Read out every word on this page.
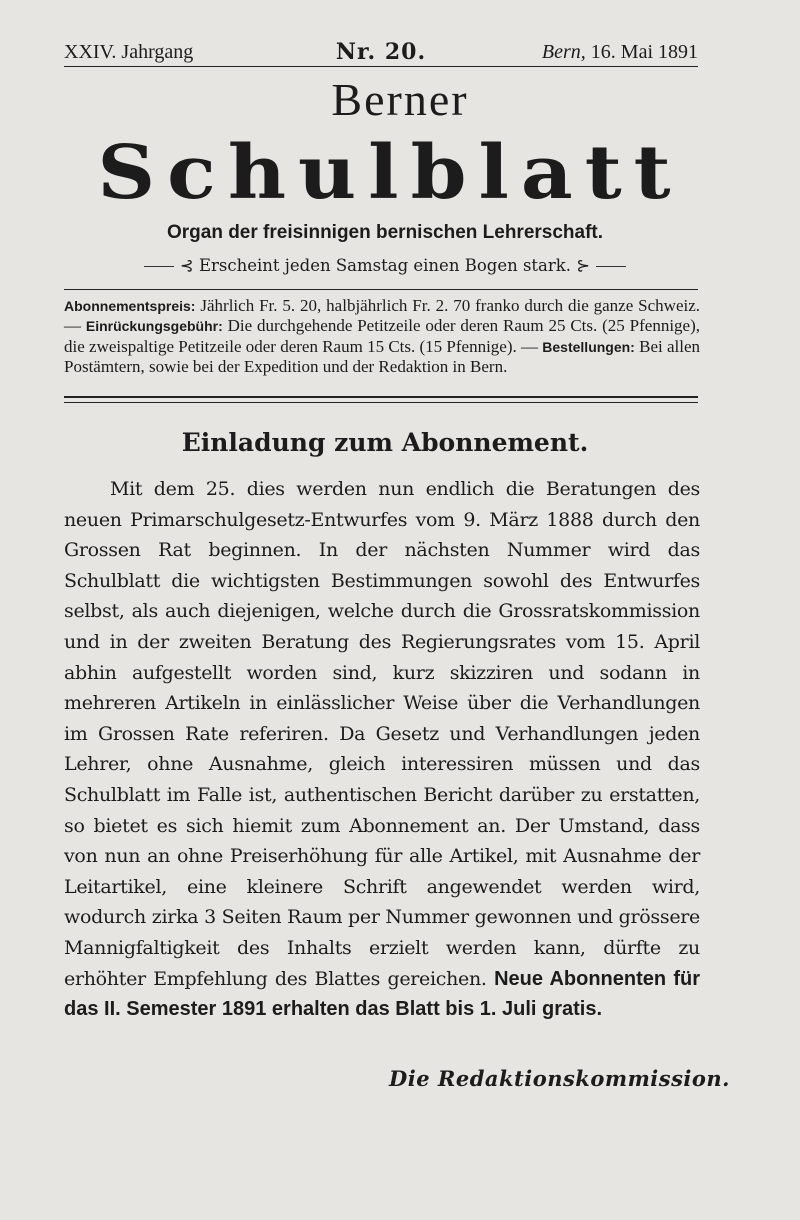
XXIV. Jahrgang	Nr. 20.	Bern, 16. Mai 1891
Berner
Schulblatt
Organ der freisinnigen bernischen Lehrerschaft.
⊰ Erscheint jeden Samstag einen Bogen stark. ⊱
Abonnementspreis: Jährlich Fr. 5. 20, halbjährlich Fr. 2. 70 franko durch die ganze Schweiz. — Einrückungsgebühr: Die durchgehende Petitzeile oder deren Raum 25 Cts. (25 Pfennige), die zweispaltige Petitzeile oder deren Raum 15 Cts. (15 Pfennige). — Bestellungen: Bei allen Postämtern, sowie bei der Expedition und der Redaktion in Bern.
Einladung zum Abonnement.
Mit dem 25. dies werden nun endlich die Beratungen des neuen Primarschulgesetz-Entwurfes vom 9. März 1888 durch den Grossen Rat beginnen. In der nächsten Nummer wird das Schulblatt die wichtigsten Bestimmungen sowohl des Entwurfes selbst, als auch diejenigen, welche durch die Grossratskommission und in der zweiten Beratung des Regierungsrates vom 15. April abhin aufgestellt worden sind, kurz skizziren und sodann in mehreren Artikeln in einlässlicher Weise über die Verhandlungen im Grossen Rate referiren. Da Gesetz und Verhandlungen jeden Lehrer, ohne Ausnahme, gleich interessiren müssen und das Schulblatt im Falle ist, authentischen Bericht darüber zu erstatten, so bietet es sich hiemit zum Abonnement an. Der Umstand, dass von nun an ohne Preiserhöhung für alle Artikel, mit Ausnahme der Leitartikel, eine kleinere Schrift angewendet werden wird, wodurch zirka 3 Seiten Raum per Nummer gewonnen und grössere Mannigfaltigkeit des Inhalts erzielt werden kann, dürfte zu erhöhter Empfehlung des Blattes gereichen. Neue Abonnenten für das II. Semester 1891 erhalten das Blatt bis 1. Juli gratis.
Die Redaktionskommission.
